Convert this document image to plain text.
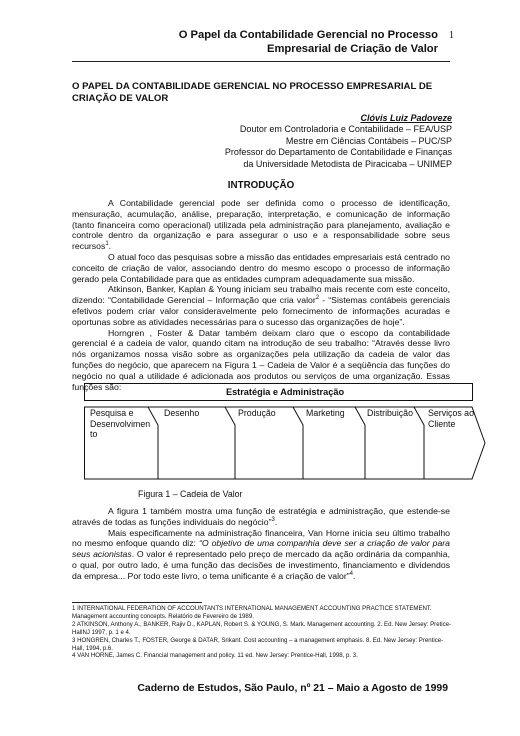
O Papel da Contabilidade Gerencial no Processo
Empresarial de Criação de Valor
1
O PAPEL DA CONTABILIDADE GERENCIAL NO PROCESSO EMPRESARIAL DE CRIAÇÃO DE VALOR
Clóvis Luiz Padoveze
Doutor em Controladoria e Contabilidade – FEA/USP
Mestre em Ciências Contábeis – PUC/SP
Professor do Departamento de Contabilidade e Finanças
da Universidade Metodista de Piracicaba – UNIMEP
INTRODUÇÃO

A Contabilidade gerencial pode ser definida como o processo de identificação, mensuração, acumulação, análise, preparação, interpretação, e comunicação de informação (tanto financeira como operacional) utilizada pela administração para planejamento, avaliação e controle dentro da organização e para assegurar o uso e a responsabilidade sobre seus recursos$^1$.

O atual foco das pesquisas sobre a missão das entidades empresariais está centrado no conceito de criação de valor, associando dentro do mesmo escopo o processo de informação gerado pela Contabilidade para que as entidades cumpram adequadamente sua missão.

Atkinson, Banker, Kaplan & Young iniciam seu trabalho mais recente com este conceito, dizendo: “Contabilidade Gerencial – Informação que cria valor$^2$ - “Sistemas contábeis gerenciais efetivos podem criar valor consideravelmente pelo fornecimento de informações acuradas e oportunas sobre as atividades necessárias para o sucesso das organizações de hoje”.

Horngren , Foster & Datar também deixam claro que o escopo da contabilidade gerencial é a cadeia de valor, quando citam na introdução de seu trabalho: “Através desse livro nós organizamos nossa visão sobre as organizações pela utilização da cadeia de valor das funções do negócio, que aparecem na Figura 1 – Cadeia de Valor é a seqüência das funções do negócio no qual a utilidade é adicionada aos produtos ou serviços de uma organização. Essas funções são:

Estratégia e Administração
Pesquisa e Desenvolvimen to
Desenho	Produção	Marketing	Distribuição	Serviços ao Cliente
Figura 1 – Cadeia de Valor

A figura 1 também mostra uma função de estratégia e administração, que estende-se através de todas as funções individuais do negócio”$^3$.

Mais especificamente na administração financeira, Van Horne inicia seu último trabalho no mesmo enfoque quando diz: “O objetivo de uma companhia deve ser a criação de valor para seus acionistas. O valor é representado pelo preço de mercado da ação ordinária da companhia, o qual, por outro lado, é uma função das decisões de investimento, financiamento e dividendos da empresa... Por todo este livro, o tema unificante é a criação de valor”$^4$.

1 INTERNATIONAL FEDERATION OF ACCOUNTANTS INTERNATIONAL MANAGEMENT ACCOUNTING PRACTICE STATEMENT. Management accounting concepts. Relatório de Fevereiro de 1989.
2 ATKINSON, Anthony A., BANKER, Rajiv D., KAPLAN, Robert S. & YOUNG, S. Mark. Management accounting. 2. Ed. New Jersey: Pretice-HallNJ 1997, p. 1 e 4.
3 HONGREN, Charles T., FOSTER, George & DATAR, Srikant. Cost accounting – a management emphasis. 8. Ed. New Jersey: Prentice-Hall, 1994, p.6.
4 VAN HORNE, James C. Financial management and policy. 11 ed. New Jersey: Prentice-Hall, 1998, p. 3.
Caderno de Estudos, São Paulo, nº 21 – Maio a Agosto de 1999
